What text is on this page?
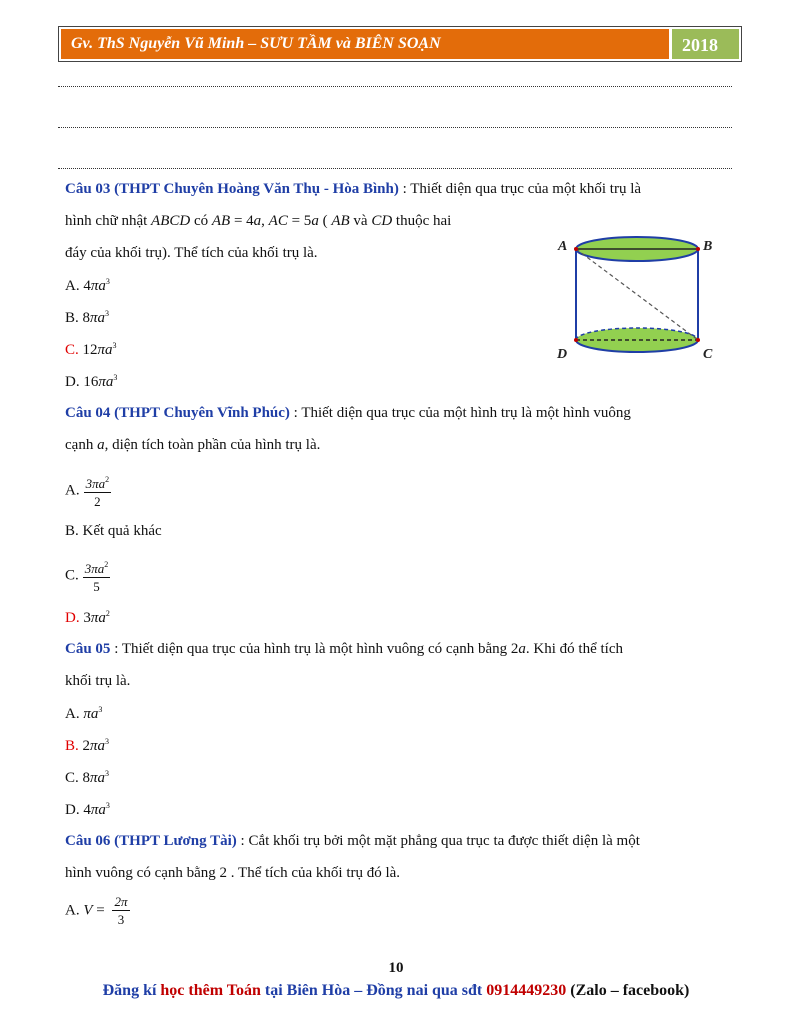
Gv. ThS Nguyễn Vũ Minh – SƯU TẦM và BIÊN SOẠN	2018
Câu 03 (THPT Chuyên Hoàng Văn Thụ - Hòa Bình) : Thiết diện qua trục của một khối trụ là
hình chữ nhật ABCD có AB = 4a, AC = 5a ( AB và CD thuộc hai
đáy của khối trụ). Thể tích của khối trụ là.
A. $4\pi a^3$
B. $8\pi a^3$
C. $12\pi a^3$
D. $16\pi a^3$
A	B
D	C
Câu 04 (THPT Chuyên Vĩnh Phúc) : Thiết diện qua trục của một hình trụ là một hình vuông
cạnh a, diện tích toàn phần của hình trụ là.
A. $\frac{3\pi a^2}{2}$
B. Kết quả khác
C. $\frac{3\pi a^2}{5}$
D. $3\pi a^2$
Câu 05 : Thiết diện qua trục của hình trụ là một hình vuông có cạnh bằng 2a. Khi đó thể tích
khối trụ là.
A. $\pi a^3$
B. $2\pi a^3$
C. $8\pi a^3$
D. $4\pi a^3$
Câu 06 (THPT Lương Tài) : Cắt khối trụ bởi một mặt phẳng qua trục ta được thiết diện là một
hình vuông có cạnh bằng 2 . Thể tích của khối trụ đó là.
A. $V = \frac{2\pi}{3}$
10
Đăng kí học thêm Toán tại Biên Hòa – Đồng nai qua sđt 0914449230 (Zalo – facebook)
